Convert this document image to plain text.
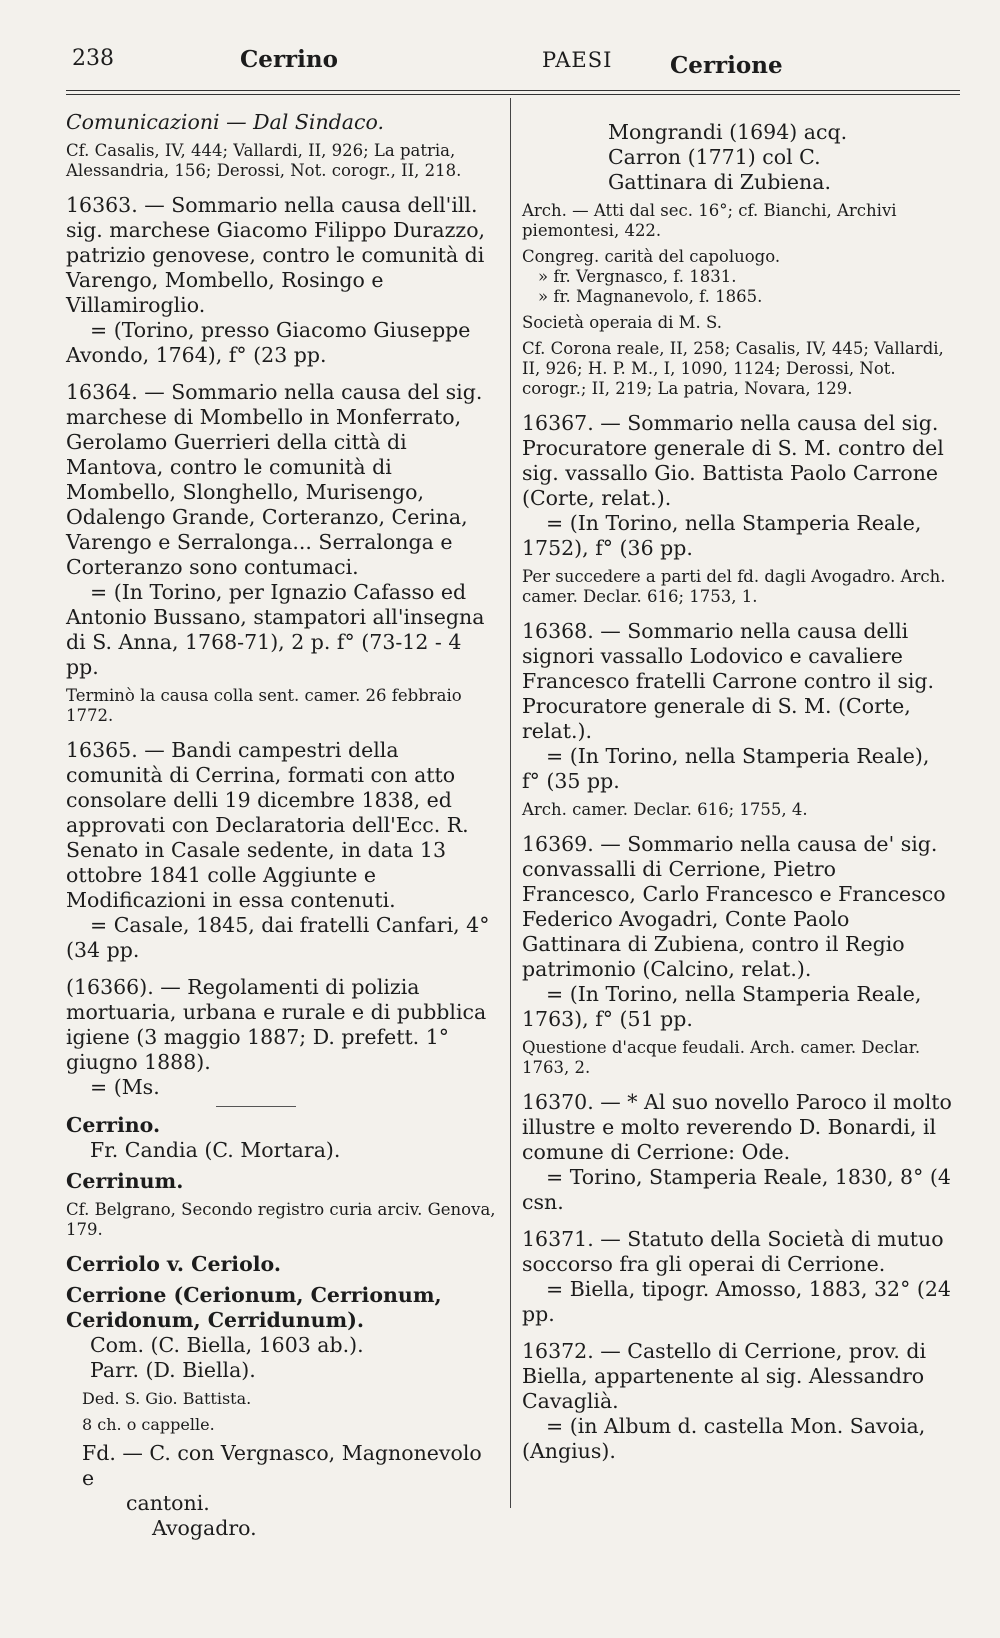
238	Cerrino	PAESI	Cerrione

Comunicazioni — Dal Sindaco.

Cf. Casalis, IV, 444; Vallardi, II, 926; La patria, Alessandria, 156; Derossi, Not. corogr., II, 218.

16363. — Sommario nella causa dell'ill. sig. marchese Giacomo Filippo Durazzo, patrizio genovese, contro le comunità di Varengo, Mombello, Rosingo e Villamiroglio.

= (Torino, presso Giacomo Giuseppe Avondo, 1764), f° (23 pp.

16364. — Sommario nella causa del sig. marchese di Mombello in Monferrato, Gerolamo Guerrieri della città di Mantova, contro le comunità di Mombello, Slonghello, Murisengo, Odalengo Grande, Corteranzo, Cerina, Varengo e Serralonga... Serralonga e Corteranzo sono contumaci.

= (In Torino, per Ignazio Cafasso ed Antonio Bussano, stampatori all'insegna di S. Anna, 1768-71), 2 p. f° (73-12 - 4 pp.

Terminò la causa colla sent. camer. 26 febbraio 1772.

16365. — Bandi campestri della comunità di Cerrina, formati con atto consolare delli 19 dicembre 1838, ed approvati con Declaratoria dell'Ecc. R. Senato in Casale sedente, in data 13 ottobre 1841 colle Aggiunte e Modificazioni in essa contenuti.

= Casale, 1845, dai fratelli Canfari, 4° (34 pp.

(16366). — Regolamenti di polizia mortuaria, urbana e rurale e di pubblica igiene (3 maggio 1887; D. prefett. 1° giugno 1888).

= (Ms.

Cerrino.

Fr. Candia (C. Mortara).

Cerrinum.

Cf. Belgrano, Secondo registro curia arciv. Genova, 179.

Cerriolo v. Ceriolo.

Cerrione (Cerionum, Cerrionum, Ceridonum, Cerridunum).

Com. (C. Biella, 1603 ab.).

Parr. (D. Biella).

Ded. S. Gio. Battista.

8 ch. o cappelle.

Fd. — C. con Vergnasco, Magnonevolo e

cantoni.

Avogadro.

Mongrandi (1694) acq.

Carron (1771) col C.

Gattinara di Zubiena.

Arch. — Atti dal sec. 16°; cf. Bianchi, Archivi piemontesi, 422.

Congreg. carità del capoluogo.

» fr. Vergnasco, f. 1831.

» fr. Magnanevolo, f. 1865.

Società operaia di M. S.

Cf. Corona reale, II, 258; Casalis, IV, 445; Vallardi, II, 926; H. P. M., I, 1090, 1124; Derossi, Not. corogr.; II, 219; La patria, Novara, 129.

16367. — Sommario nella causa del sig. Procuratore generale di S. M. contro del sig. vassallo Gio. Battista Paolo Carrone (Corte, relat.).

= (In Torino, nella Stamperia Reale, 1752), f° (36 pp.

Per succedere a parti del fd. dagli Avogadro. Arch. camer. Declar. 616; 1753, 1.

16368. — Sommario nella causa delli signori vassallo Lodovico e cavaliere Francesco fratelli Carrone contro il sig. Procuratore generale di S. M. (Corte, relat.).

= (In Torino, nella Stamperia Reale), f° (35 pp.

Arch. camer. Declar. 616; 1755, 4.

16369. — Sommario nella causa de' sig. convassalli di Cerrione, Pietro Francesco, Carlo Francesco e Francesco Federico Avogadri, Conte Paolo Gattinara di Zubiena, contro il Regio patrimonio (Calcino, relat.).

= (In Torino, nella Stamperia Reale, 1763), f° (51 pp.

Questione d'acque feudali. Arch. camer. Declar. 1763, 2.

16370. — * Al suo novello Paroco il molto illustre e molto reverendo D. Bonardi, il comune di Cerrione: Ode.

= Torino, Stamperia Reale, 1830, 8° (4 csn.

16371. — Statuto della Società di mutuo soccorso fra gli operai di Cerrione.

= Biella, tipogr. Amosso, 1883, 32° (24 pp.

16372. — Castello di Cerrione, prov. di Biella, appartenente al sig. Alessandro Cavaglià.

= (in Album d. castella Mon. Savoia, (Angius).
